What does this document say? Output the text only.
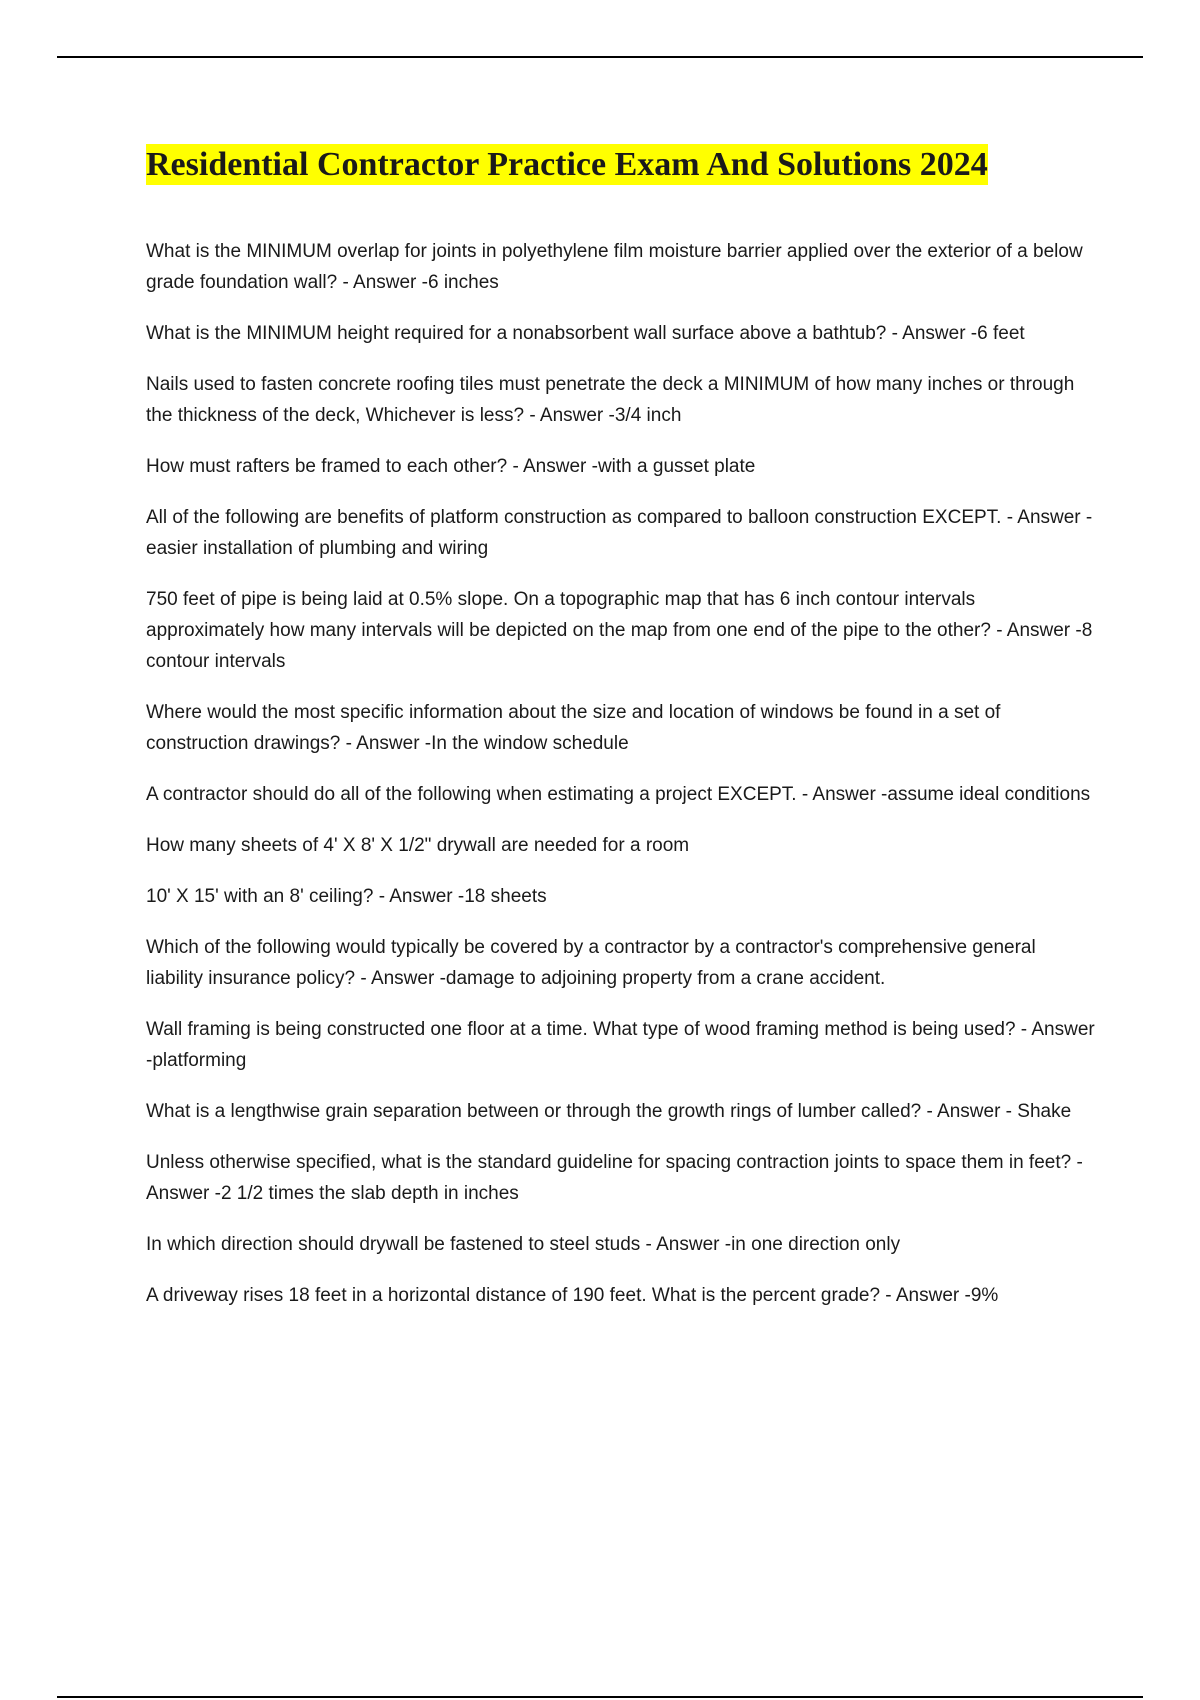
Residential Contractor Practice Exam And Solutions 2024

What is the MINIMUM overlap for joints in polyethylene film moisture barrier applied over the exterior of a below grade foundation wall? - Answer -6 inches

What is the MINIMUM height required for a nonabsorbent wall surface above a bathtub? - Answer -6 feet

Nails used to fasten concrete roofing tiles must penetrate the deck a MINIMUM of how many inches or through the thickness of the deck, Whichever is less? - Answer -3/4 inch

How must rafters be framed to each other? - Answer -with a gusset plate

All of the following are benefits of platform construction as compared to balloon construction EXCEPT. - Answer -easier installation of plumbing and wiring

750 feet of pipe is being laid at 0.5% slope. On a topographic map that has 6 inch contour intervals approximately how many intervals will be depicted on the map from one end of the pipe to the other? - Answer -8 contour intervals

Where would the most specific information about the size and location of windows be found in a set of construction drawings? - Answer -In the window schedule

A contractor should do all of the following when estimating a project EXCEPT. - Answer -assume ideal conditions

How many sheets of 4' X 8' X 1/2" drywall are needed for a room

10' X 15' with an 8' ceiling? - Answer -18 sheets

Which of the following would typically be covered by a contractor by a contractor's comprehensive general liability insurance policy? - Answer -damage to adjoining property from a crane accident.

Wall framing is being constructed one floor at a time. What type of wood framing method is being used? - Answer -platforming

What is a lengthwise grain separation between or through the growth rings of lumber called? - Answer - Shake

Unless otherwise specified, what is the standard guideline for spacing contraction joints to space them in feet? - Answer -2 1/2 times the slab depth in inches

In which direction should drywall be fastened to steel studs - Answer -in one direction only

A driveway rises 18 feet in a horizontal distance of 190 feet. What is the percent grade? - Answer -9%
